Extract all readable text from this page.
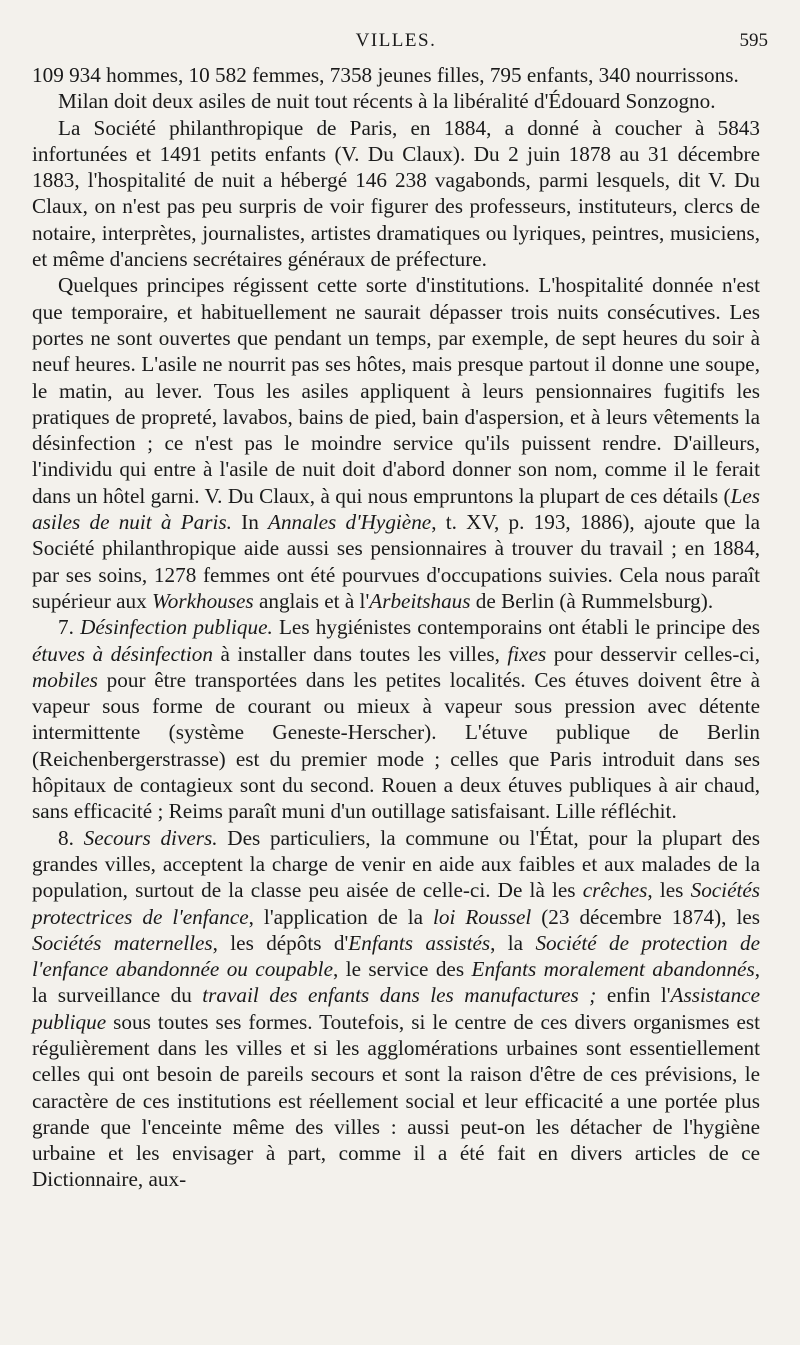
VILLES.	595

109 934 hommes, 10 582 femmes, 7358 jeunes filles, 795 enfants, 340 nourrissons.

Milan doit deux asiles de nuit tout récents à la libéralité d'Édouard Sonzogno.

La Société philanthropique de Paris, en 1884, a donné à coucher à 5843 infortunées et 1491 petits enfants (V. Du Claux). Du 2 juin 1878 au 31 décembre 1883, l'hospitalité de nuit a hébergé 146 238 vagabonds, parmi lesquels, dit V. Du Claux, on n'est pas peu surpris de voir figurer des professeurs, instituteurs, clercs de notaire, interprètes, journalistes, artistes dramatiques ou lyriques, peintres, musiciens, et même d'anciens secrétaires généraux de préfecture.

Quelques principes régissent cette sorte d'institutions. L'hospitalité donnée n'est que temporaire, et habituellement ne saurait dépasser trois nuits consécutives. Les portes ne sont ouvertes que pendant un temps, par exemple, de sept heures du soir à neuf heures. L'asile ne nourrit pas ses hôtes, mais presque partout il donne une soupe, le matin, au lever. Tous les asiles appliquent à leurs pensionnaires fugitifs les pratiques de propreté, lavabos, bains de pied, bain d'aspersion, et à leurs vêtements la désinfection ; ce n'est pas le moindre service qu'ils puissent rendre. D'ailleurs, l'individu qui entre à l'asile de nuit doit d'abord donner son nom, comme il le ferait dans un hôtel garni. V. Du Claux, à qui nous empruntons la plupart de ces détails (Les asiles de nuit à Paris. In Annales d'Hygiène, t. XV, p. 193, 1886), ajoute que la Société philanthropique aide aussi ses pensionnaires à trouver du travail ; en 1884, par ses soins, 1278 femmes ont été pourvues d'occupations suivies. Cela nous paraît supérieur aux Workhouses anglais et à l'Arbeitshaus de Berlin (à Rummelsburg).

7. Désinfection publique. Les hygiénistes contemporains ont établi le principe des étuves à désinfection à installer dans toutes les villes, fixes pour desservir celles-ci, mobiles pour être transportées dans les petites localités. Ces étuves doivent être à vapeur sous forme de courant ou mieux à vapeur sous pression avec détente intermittente (système Geneste-Herscher). L'étuve publique de Berlin (Reichenbergerstrasse) est du premier mode ; celles que Paris introduit dans ses hôpitaux de contagieux sont du second. Rouen a deux étuves publiques à air chaud, sans efficacité ; Reims paraît muni d'un outillage satisfaisant. Lille réfléchit.

8. Secours divers. Des particuliers, la commune ou l'État, pour la plupart des grandes villes, acceptent la charge de venir en aide aux faibles et aux malades de la population, surtout de la classe peu aisée de celle-ci. De là les crêches, les Sociétés protectrices de l'enfance, l'application de la loi Roussel (23 décembre 1874), les Sociétés maternelles, les dépôts d'Enfants assistés, la Société de protection de l'enfance abandonnée ou coupable, le service des Enfants moralement abandonnés, la surveillance du travail des enfants dans les manufactures ; enfin l'Assistance publique sous toutes ses formes. Toutefois, si le centre de ces divers organismes est régulièrement dans les villes et si les agglomérations urbaines sont essentiellement celles qui ont besoin de pareils secours et sont la raison d'être de ces prévisions, le caractère de ces institutions est réellement social et leur efficacité a une portée plus grande que l'enceinte même des villes : aussi peut-on les détacher de l'hygiène urbaine et les envisager à part, comme il a été fait en divers articles de ce Dictionnaire, aux-
